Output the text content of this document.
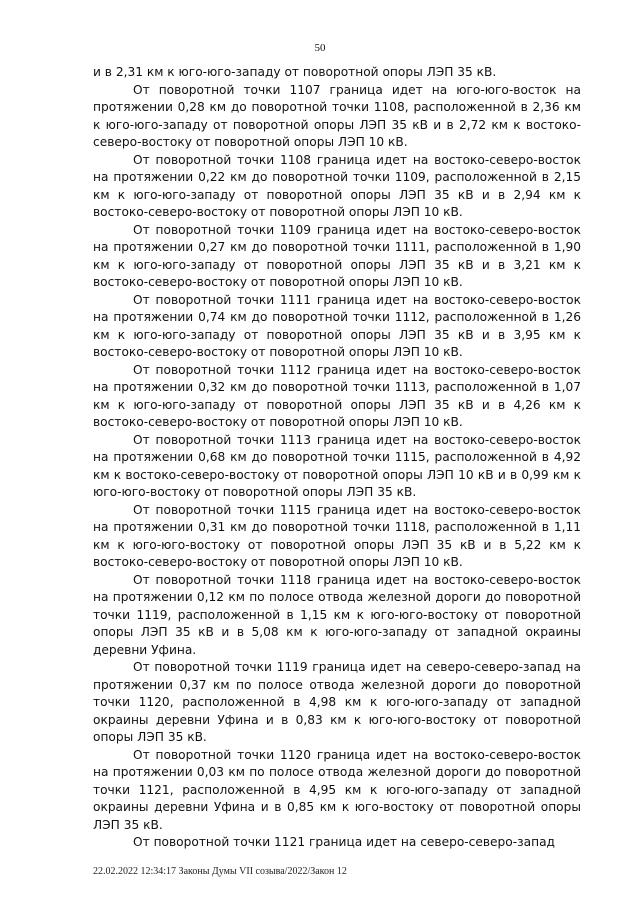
50

и в 2,31 км к юго-юго-западу от поворотной опоры ЛЭП 35 кВ.

От поворотной точки 1107 граница идет на юго-юго-восток на протяжении 0,28 км до поворотной точки 1108, расположенной в 2,36 км к юго-юго-западу от поворотной опоры ЛЭП 35 кВ и в 2,72 км к востоко-северо-востоку от поворотной опоры ЛЭП 10 кВ.

От поворотной точки 1108 граница идет на востоко-северо-восток на протяжении 0,22 км до поворотной точки 1109, расположенной в 2,15 км к юго-юго-западу от поворотной опоры ЛЭП 35 кВ и в 2,94 км к востоко-северо-востоку от поворотной опоры ЛЭП 10 кВ.

От поворотной точки 1109 граница идет на востоко-северо-восток на протяжении 0,27 км до поворотной точки 1111, расположенной в 1,90 км к юго-юго-западу от поворотной опоры ЛЭП 35 кВ и в 3,21 км к востоко-северо-востоку от поворотной опоры ЛЭП 10 кВ.

От поворотной точки 1111 граница идет на востоко-северо-восток на протяжении 0,74 км до поворотной точки 1112, расположенной в 1,26 км к юго-юго-западу от поворотной опоры ЛЭП 35 кВ и в 3,95 км к востоко-северо-востоку от поворотной опоры ЛЭП 10 кВ.

От поворотной точки 1112 граница идет на востоко-северо-восток на протяжении 0,32 км до поворотной точки 1113, расположенной в 1,07 км к юго-юго-западу от поворотной опоры ЛЭП 35 кВ и в 4,26 км к востоко-северо-востоку от поворотной опоры ЛЭП 10 кВ.

От поворотной точки 1113 граница идет на востоко-северо-восток на протяжении 0,68 км до поворотной точки 1115, расположенной в 4,92 км к востоко-северо-востоку от поворотной опоры ЛЭП 10 кВ и в 0,99 км к юго-юго-востоку от поворотной опоры ЛЭП 35 кВ.

От поворотной точки 1115 граница идет на востоко-северо-восток на протяжении 0,31 км до поворотной точки 1118, расположенной в 1,11 км к юго-юго-востоку от поворотной опоры ЛЭП 35 кВ и в 5,22 км к востоко-северо-востоку от поворотной опоры ЛЭП 10 кВ.

От поворотной точки 1118 граница идет на востоко-северо-восток на протяжении 0,12 км по полосе отвода железной дороги до поворотной точки 1119, расположенной в 1,15 км к юго-юго-востоку от поворотной опоры ЛЭП 35 кВ и в 5,08 км к юго-юго-западу от западной окраины деревни Уфина.

От поворотной точки 1119 граница идет на северо-северо-запад на протяжении 0,37 км по полосе отвода железной дороги до поворотной точки 1120, расположенной в 4,98 км к юго-юго-западу от западной окраины деревни Уфина и в 0,83 км к юго-юго-востоку от поворотной опоры ЛЭП 35 кВ.

От поворотной точки 1120 граница идет на востоко-северо-восток на протяжении 0,03 км по полосе отвода железной дороги до поворотной точки 1121, расположенной в 4,95 км к юго-юго-западу от западной окраины деревни Уфина и в 0,85 км к юго-востоку от поворотной опоры ЛЭП 35 кВ.

От поворотной точки 1121 граница идет на северо-северо-запад

22.02.2022 12:34:17 Законы Думы VII созыва/2022/Закон 12
